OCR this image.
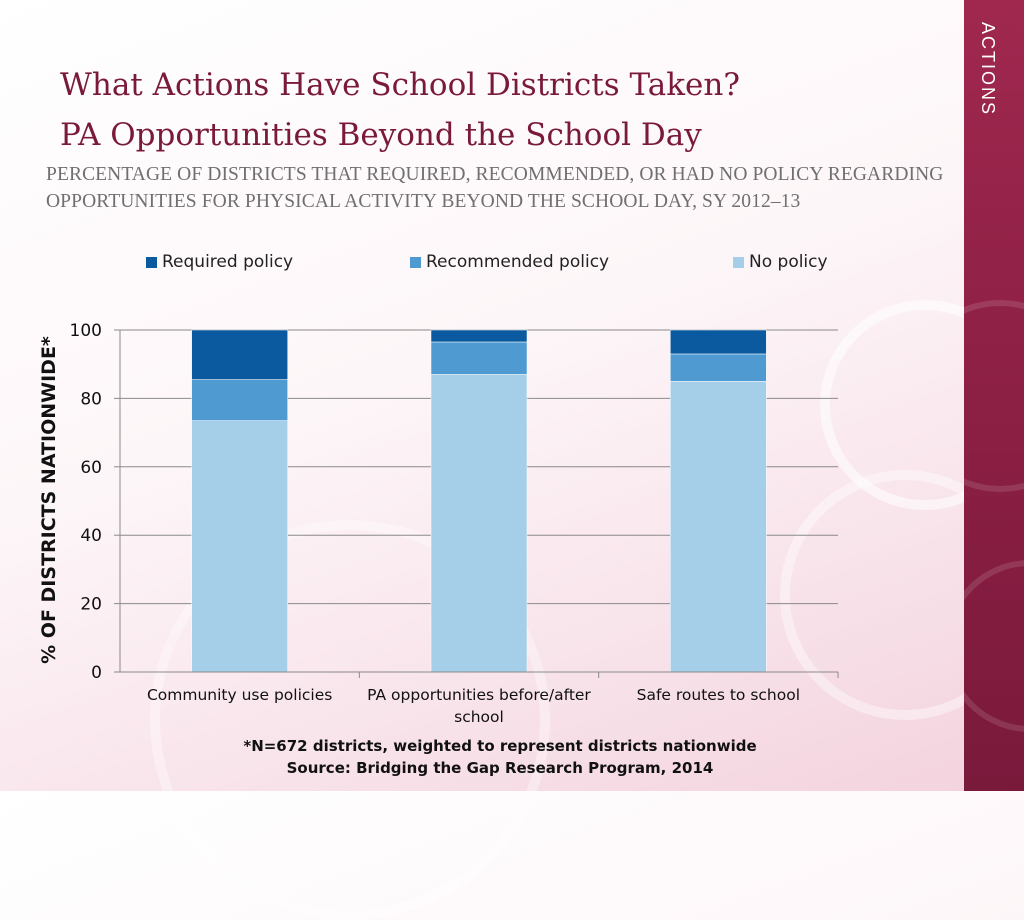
ACTIONS
What Actions Have School Districts Taken?
PA Opportunities Beyond the School Day

PERCENTAGE OF DISTRICTS THAT REQUIRED, RECOMMENDED, OR HAD NO POLICY REGARDING OPPORTUNITIES FOR PHYSICAL ACTIVITY BEYOND THE SCHOOL DAY, SY 2012–13

Required policy	Recommended policy	No policy
0
20
40
60
80
100
Community use policies PA opportunities before/after school
Safe routes to school
% OF DISTRICTS NATIONWIDE*
*N=672 districts, weighted to represent districts nationwide
Source: Bridging the Gap Research Program, 2014
